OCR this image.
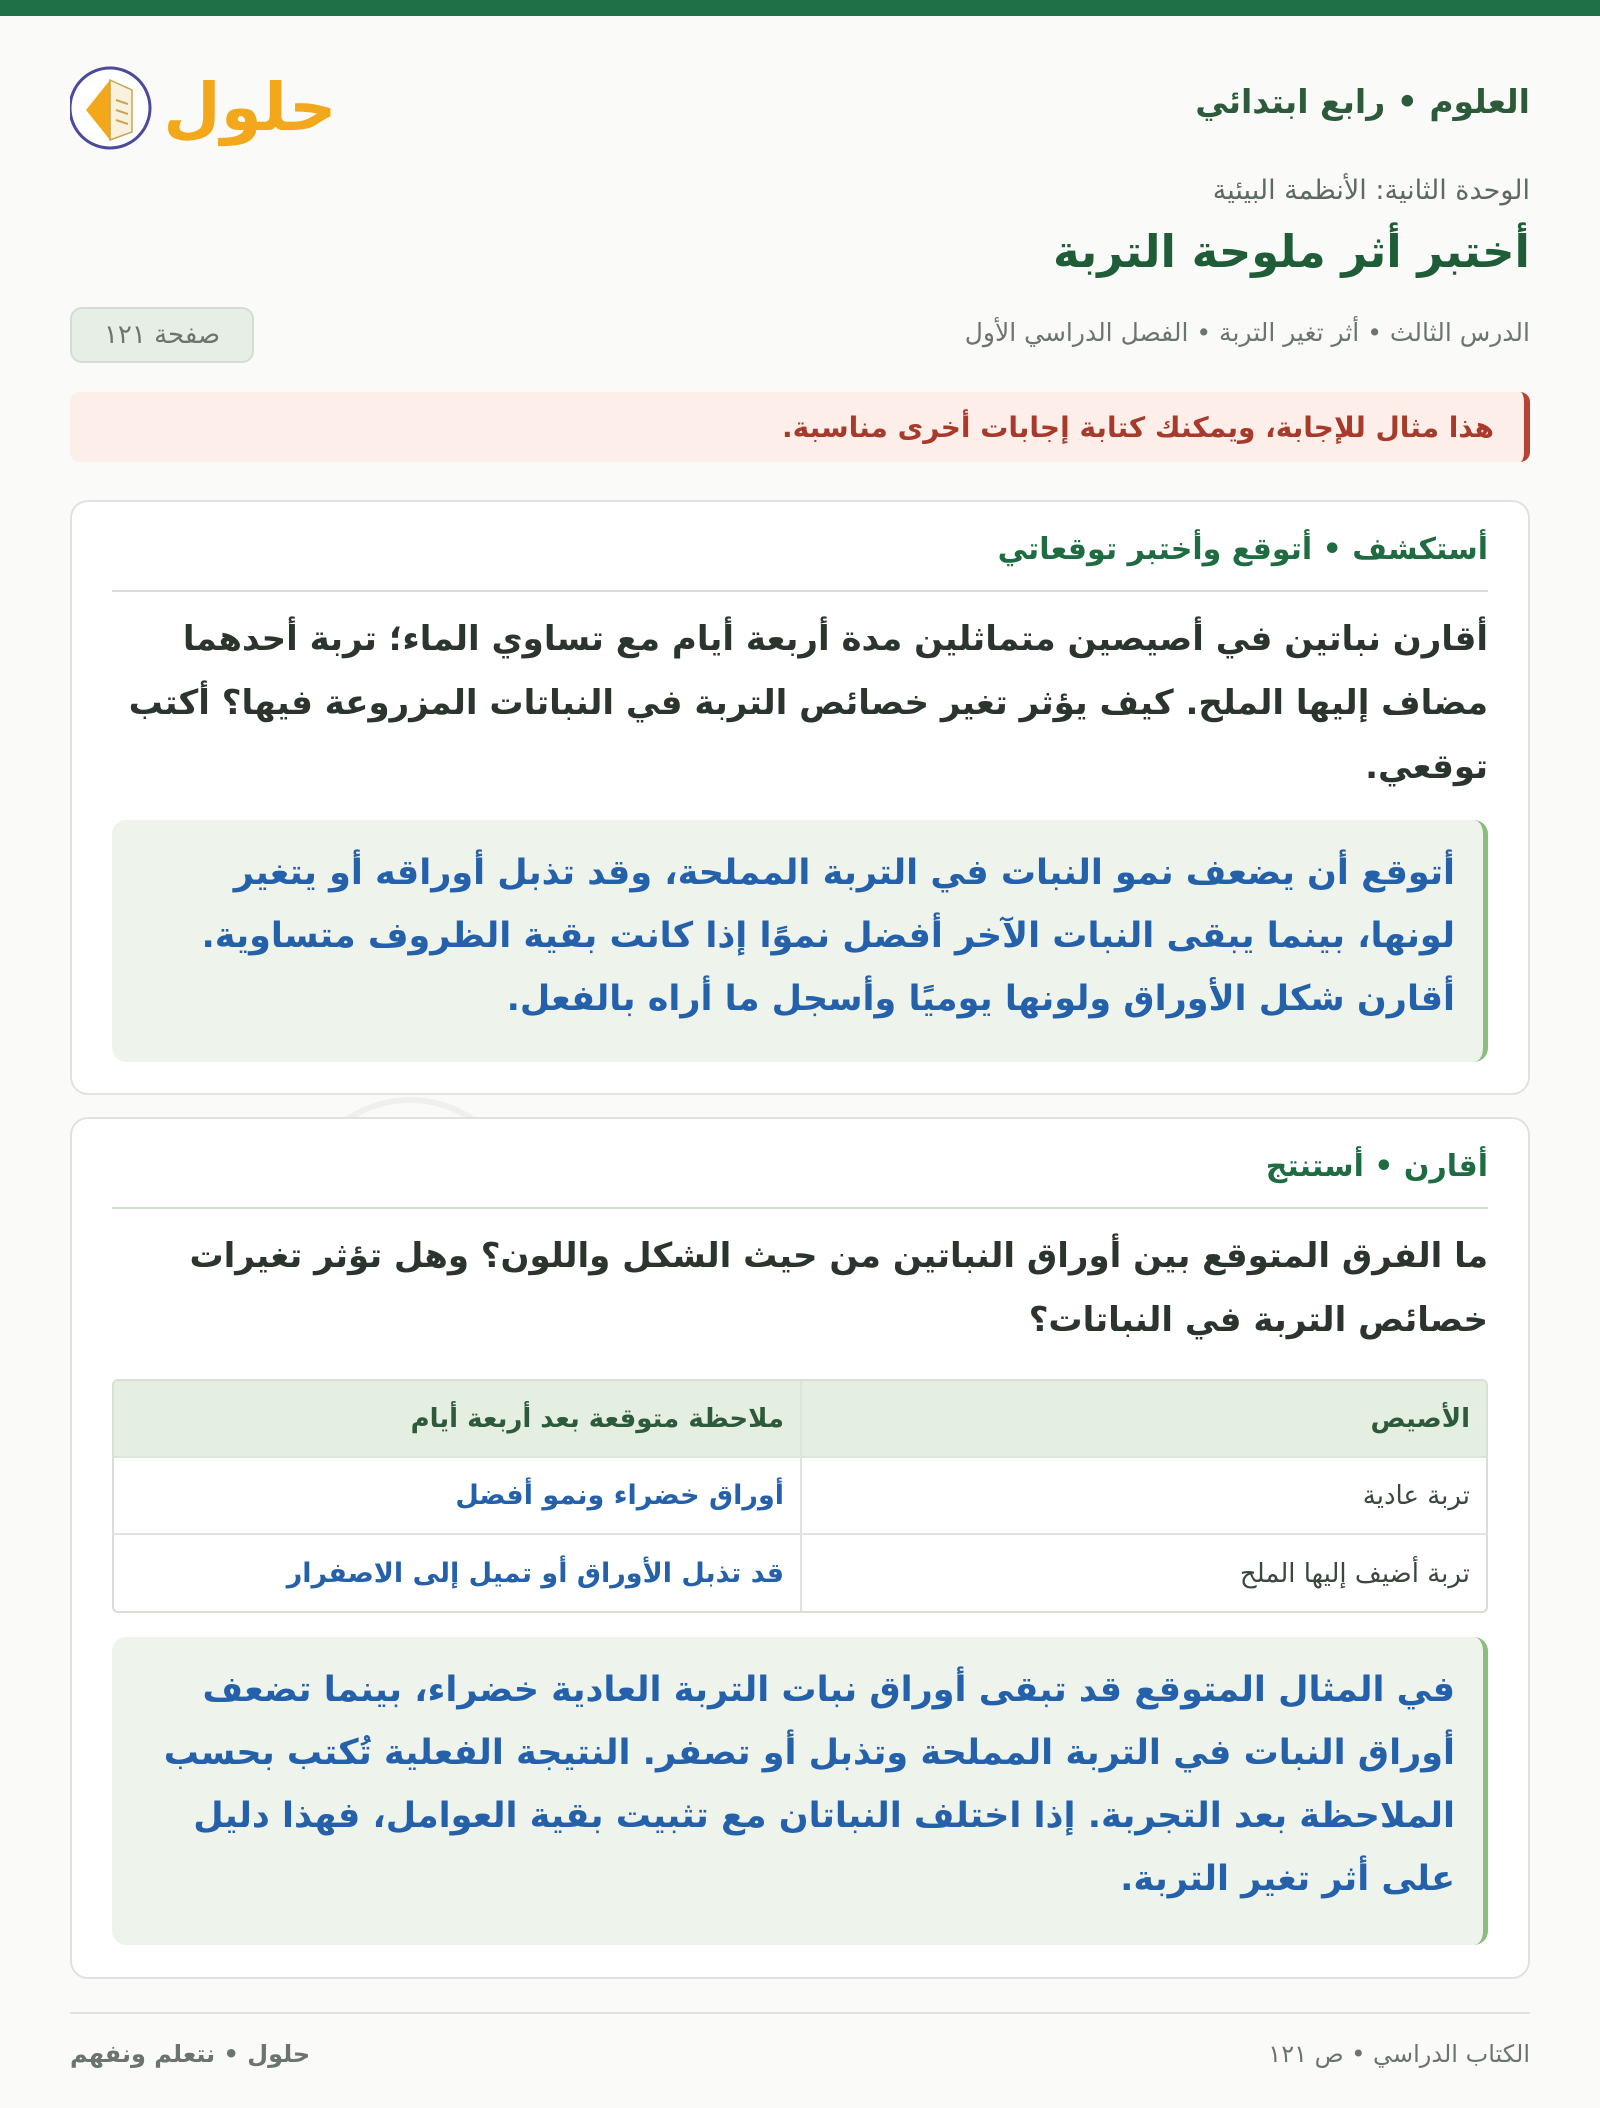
العلوم • رابع ابتدائي
حلول
الوحدة الثانية: الأنظمة البيئية
أختبر أثر ملوحة التربة
الدرس الثالث • أثر تغير التربة • الفصل الدراسي الأول
صفحة ١٢١
هذا مثال للإجابة، ويمكنك كتابة إجابات أخرى مناسبة.
أستكشف • أتوقع وأختبر توقعاتي
أقارن نباتين في أصيصين متماثلين مدة أربعة أيام مع تساوي الماء؛ تربة أحدهما مضاف إليها الملح. كيف يؤثر تغير خصائص التربة في النباتات المزروعة فيها؟ أكتب توقعي.
أتوقع أن يضعف نمو النبات في التربة المملحة، وقد تذبل أوراقه أو يتغير لونها، بينما يبقى النبات الآخر أفضل نموًا إذا كانت بقية الظروف متساوية. أقارن شكل الأوراق ولونها يوميًا وأسجل ما أراه بالفعل.
أقارن • أستنتج
ما الفرق المتوقع بين أوراق النباتين من حيث الشكل واللون؟ وهل تؤثر تغيرات خصائص التربة في النباتات؟
الأصيص
ملاحظة متوقعة بعد أربعة أيام
تربة عادية
أوراق خضراء ونمو أفضل
تربة أضيف إليها الملح
قد تذبل الأوراق أو تميل إلى الاصفرار
في المثال المتوقع قد تبقى أوراق نبات التربة العادية خضراء، بينما تضعف أوراق النبات في التربة المملحة وتذبل أو تصفر. النتيجة الفعلية تُكتب بحسب الملاحظة بعد التجربة. إذا اختلف النباتان مع تثبيت بقية العوامل، فهذا دليل على أثر تغير التربة.
الكتاب الدراسي • ص ١٢١
حلول • نتعلم ونفهم
